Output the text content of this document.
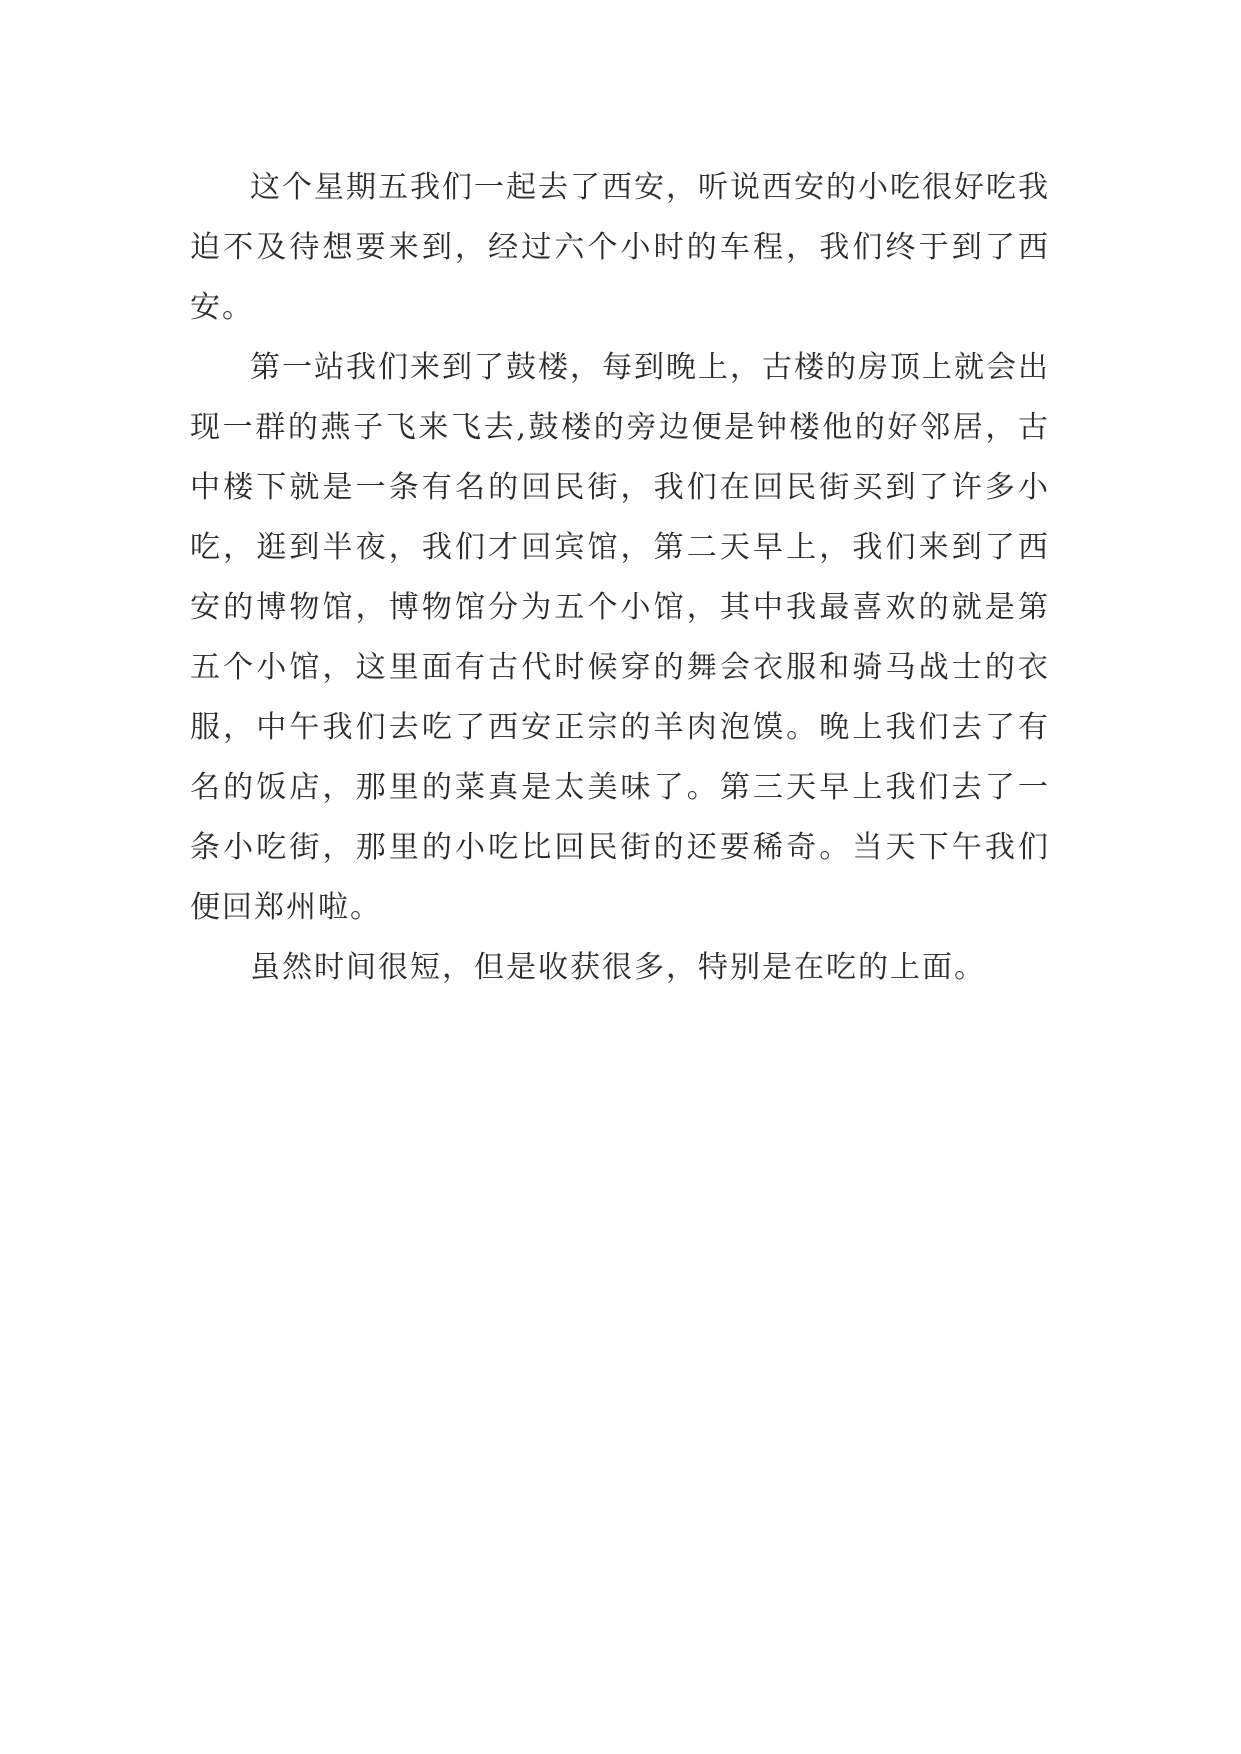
这个星期五我们一起去了西安，听说西安的小吃很好吃我迫不及待想要来到，经过六个小时的车程，我们终于到了西安。

第一站我们来到了鼓楼，每到晚上，古楼的房顶上就会出现一群的燕子飞来飞去,鼓楼的旁边便是钟楼他的好邻居，古中楼下就是一条有名的回民街，我们在回民街买到了许多小吃，逛到半夜，我们才回宾馆，第二天早上，我们来到了西安的博物馆，博物馆分为五个小馆，其中我最喜欢的就是第五个小馆，这里面有古代时候穿的舞会衣服和骑马战士的衣服，中午我们去吃了西安正宗的羊肉泡馍。晚上我们去了有名的饭店，那里的菜真是太美味了。第三天早上我们去了一条小吃街，那里的小吃比回民街的还要稀奇。当天下午我们便回郑州啦。

虽然时间很短，但是收获很多，特别是在吃的上面。
